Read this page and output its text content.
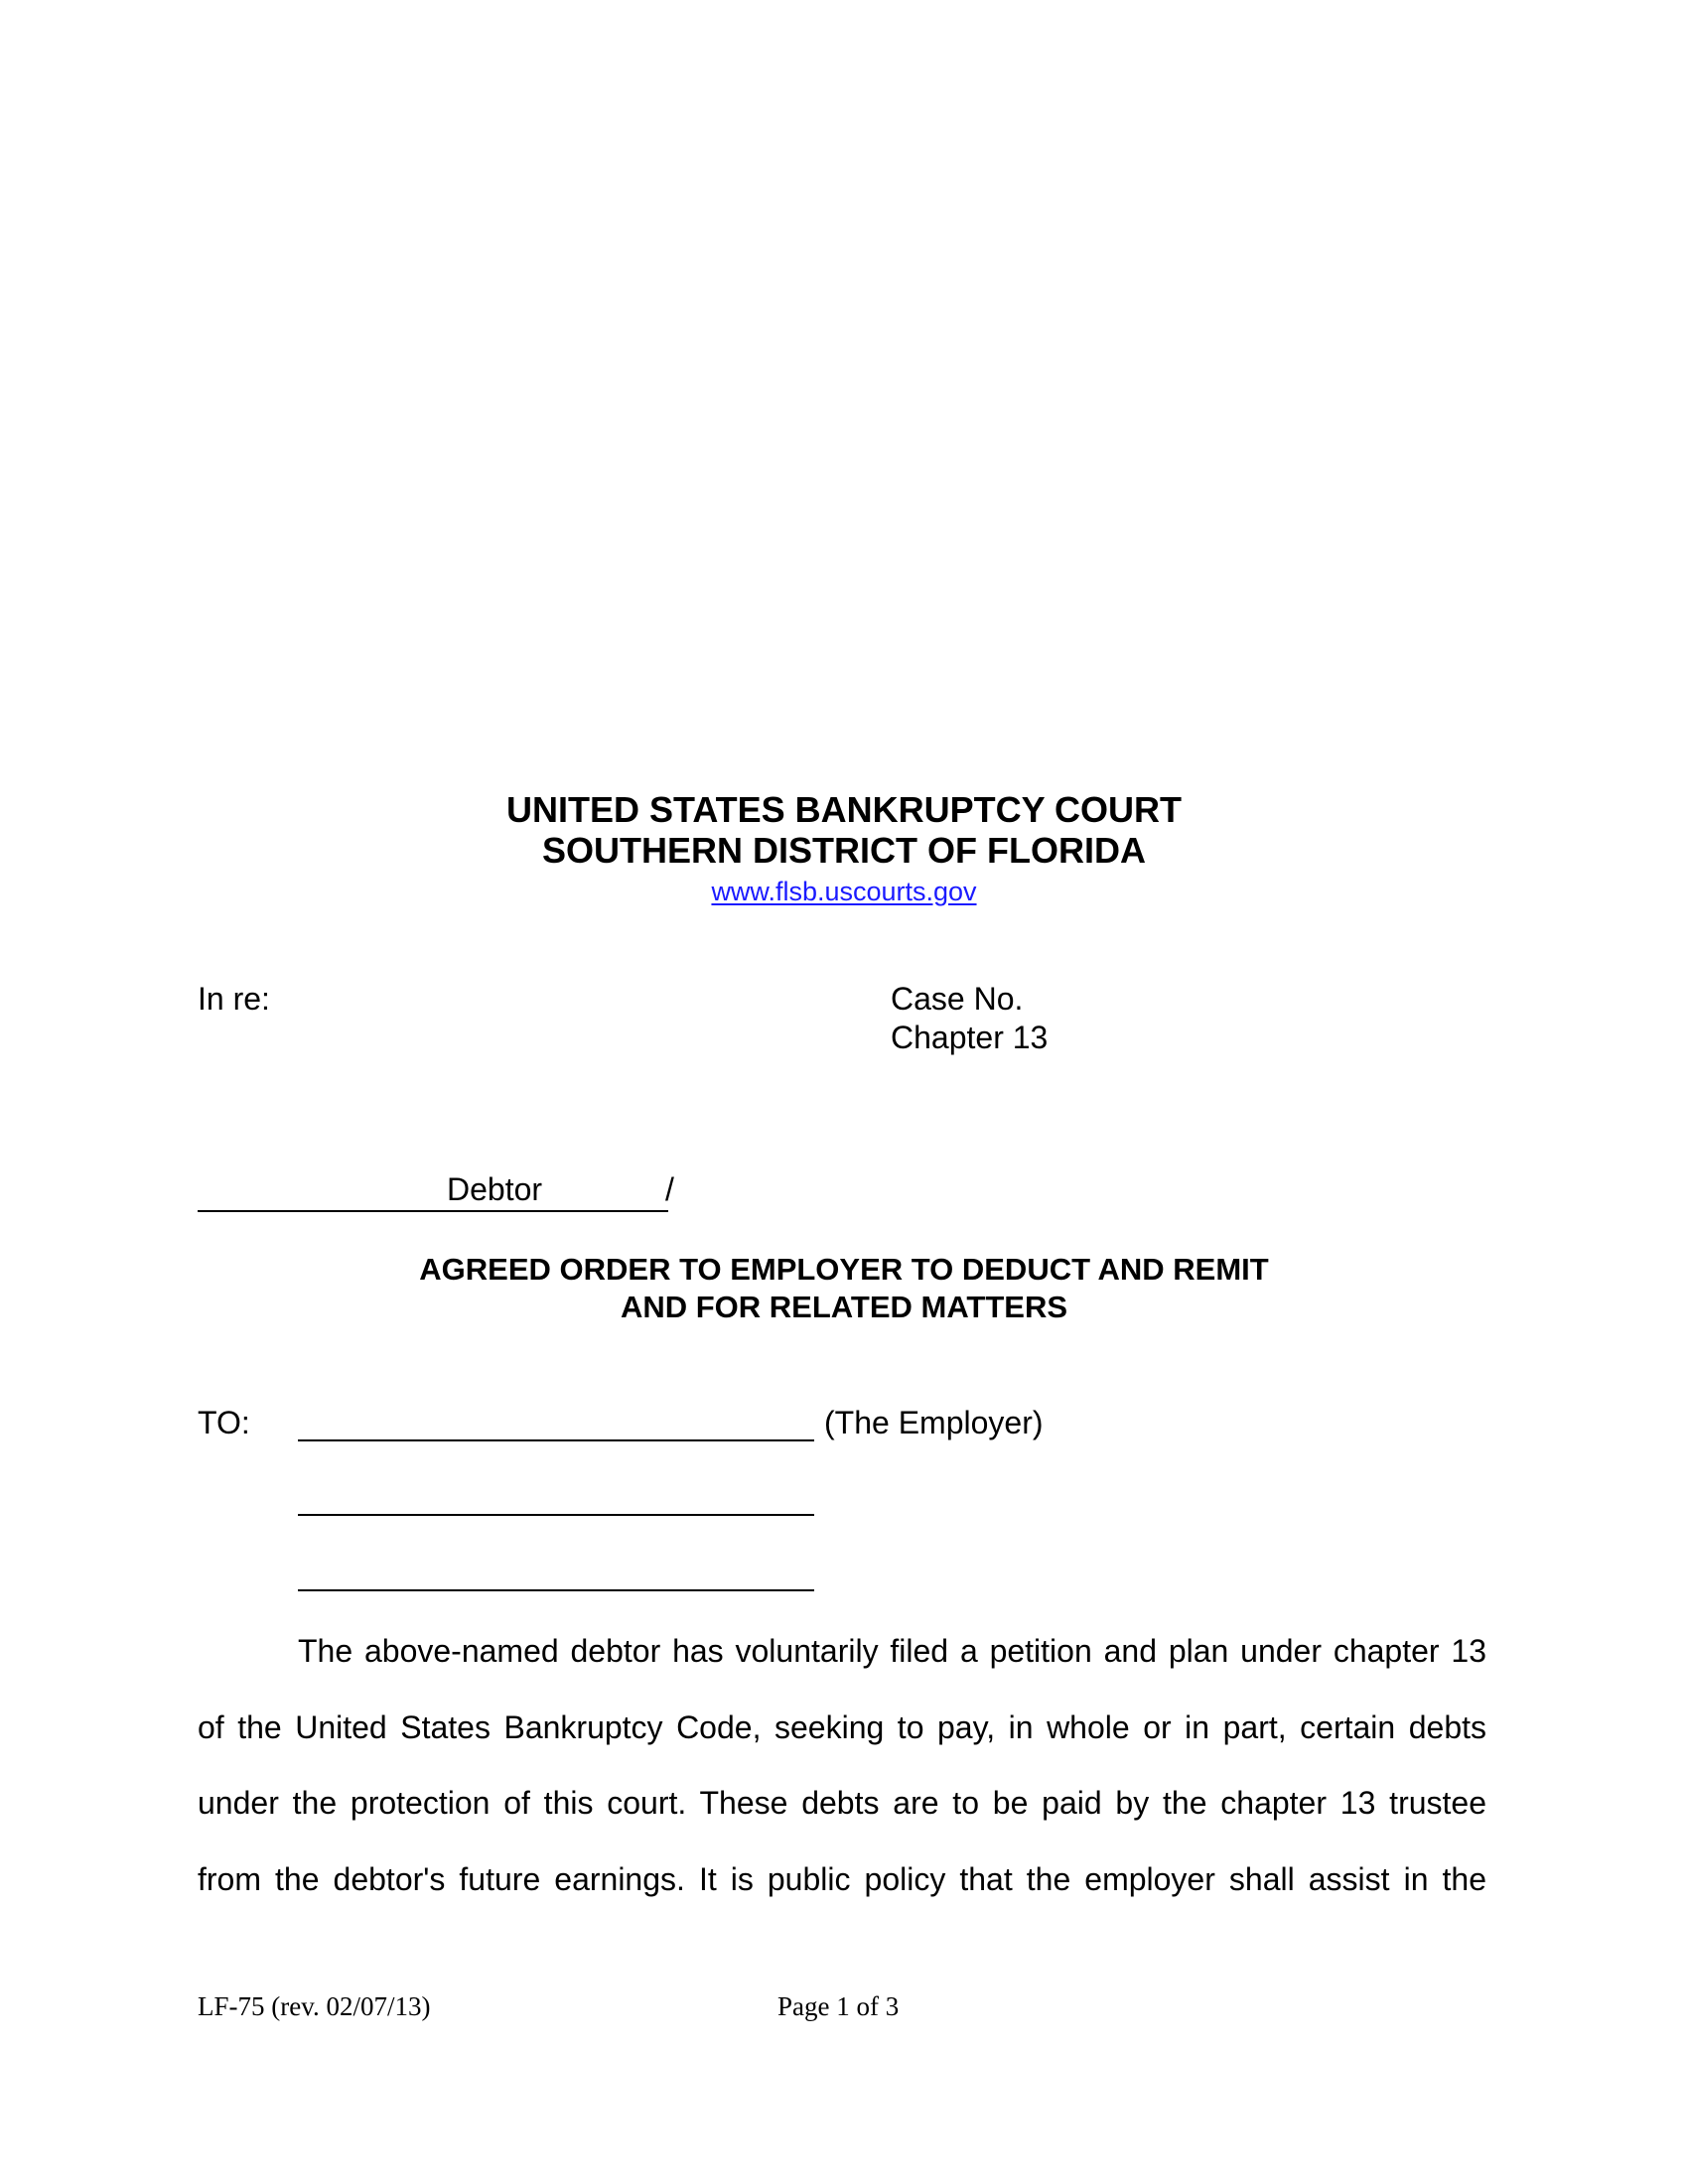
UNITED STATES BANKRUPTCY COURT
SOUTHERN DISTRICT OF FLORIDA
www.flsb.uscourts.gov
In re:	Case No.
Chapter 13
Debtor	/
AGREED ORDER TO EMPLOYER TO DEDUCT AND REMIT
AND FOR RELATED MATTERS
TO:	(The Employer)
The above-named debtor has voluntarily filed a petition and plan under chapter 13
of the United States Bankruptcy Code, seeking to pay, in whole or in part, certain debts
under the protection of this court. These debts are to be paid by the chapter 13 trustee
from the debtor's future earnings. It is public policy that the employer shall assist in the
LF-75 (rev. 02/07/13)	Page 1 of 3
